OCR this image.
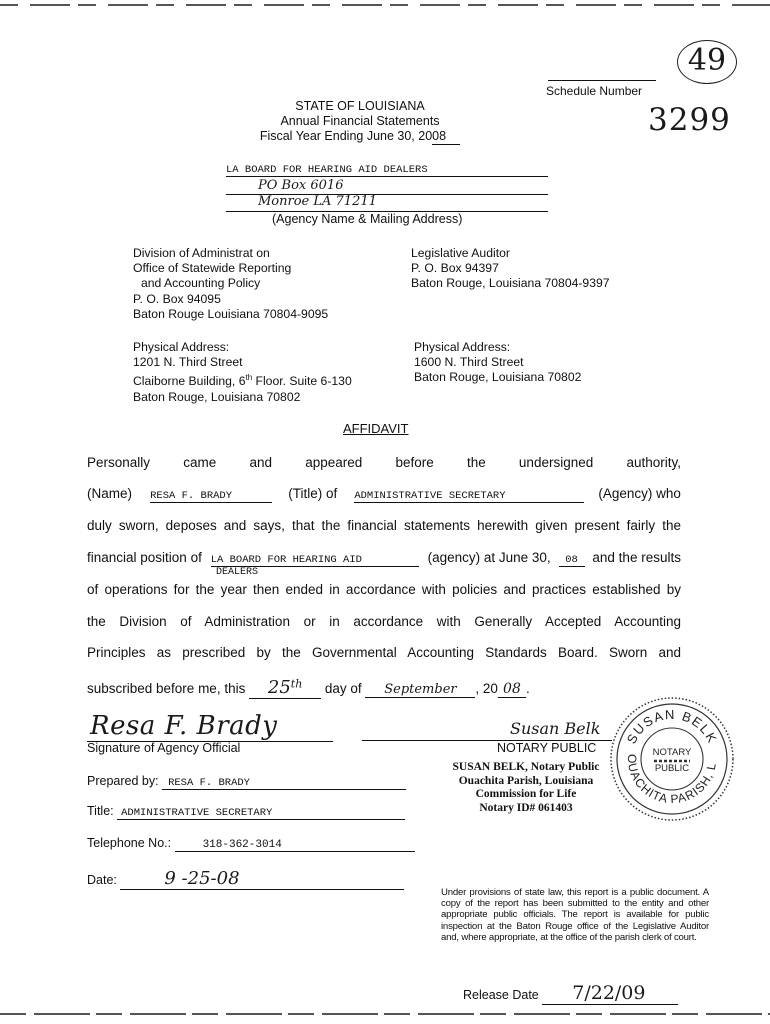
49
Schedule Number
3299
STATE OF LOUISIANA
Annual Financial Statements
Fiscal Year Ending June 30, 2008
LA BOARD FOR HEARING AID DEALERS
PO Box 6016
Monroe LA 71211
(Agency Name & Mailing Address)
Division of Administrat on
Office of Statewide Reporting
and Accounting Policy
P. O. Box 94095
Baton Rouge Louisiana 70804-9095
Physical Address:
1201 N. Third Street
Claiborne Building, 6th Floor. Suite 6-130
Baton Rouge, Louisiana 70802
Legislative Auditor
P. O. Box 94397
Baton Rouge, Louisiana 70804-9397
Physical Address:
1600 N. Third Street
Baton Rouge, Louisiana 70802
AFFIDAVIT
Personally came and appeared before the undersigned authority,
(Name) RESA F. BRADY	(Title) of ADMINISTRATIVE SECRETARY	(Agency) who
duly sworn, deposes and says, that the financial statements herewith given present fairly the
financial position of LA BOARD FOR HEARING AID	(agency) at June 30,	08	and the results
DEALERS
of operations for the year then ended in accordance with policies and practices established by
the Division of Administration or in accordance with Generally Accepted Accounting
Principles as prescribed by the Governmental Accounting Standards Board. Sworn and
subscribed before me, this 25th day of September , 20 08 .
Resa F. Brady
Signature of Agency Official
Prepared by: RESA F. BRADY
Title: ADMINISTRATIVE SECRETARY
Telephone No.:	318-362-3014
Date:	9 -25-08
Susan Belk
NOTARY PUBLIC
SUSAN BELK, Notary Public
Ouachita Parish, Louisiana
Commission for Life
Notary ID# 061403
SUSAN BELK
OUACHITA PARISH, L
NOTARY
PUBLIC
Under provisions of state law, this report is a public document. A copy of the report has been submitted to the entity and other appropriate public officials. The report is available for public inspection at the Baton Rouge office of the Legislative Auditor and, where appropriate, at the office of the parish clerk of court.
Release Date 7/22/09
